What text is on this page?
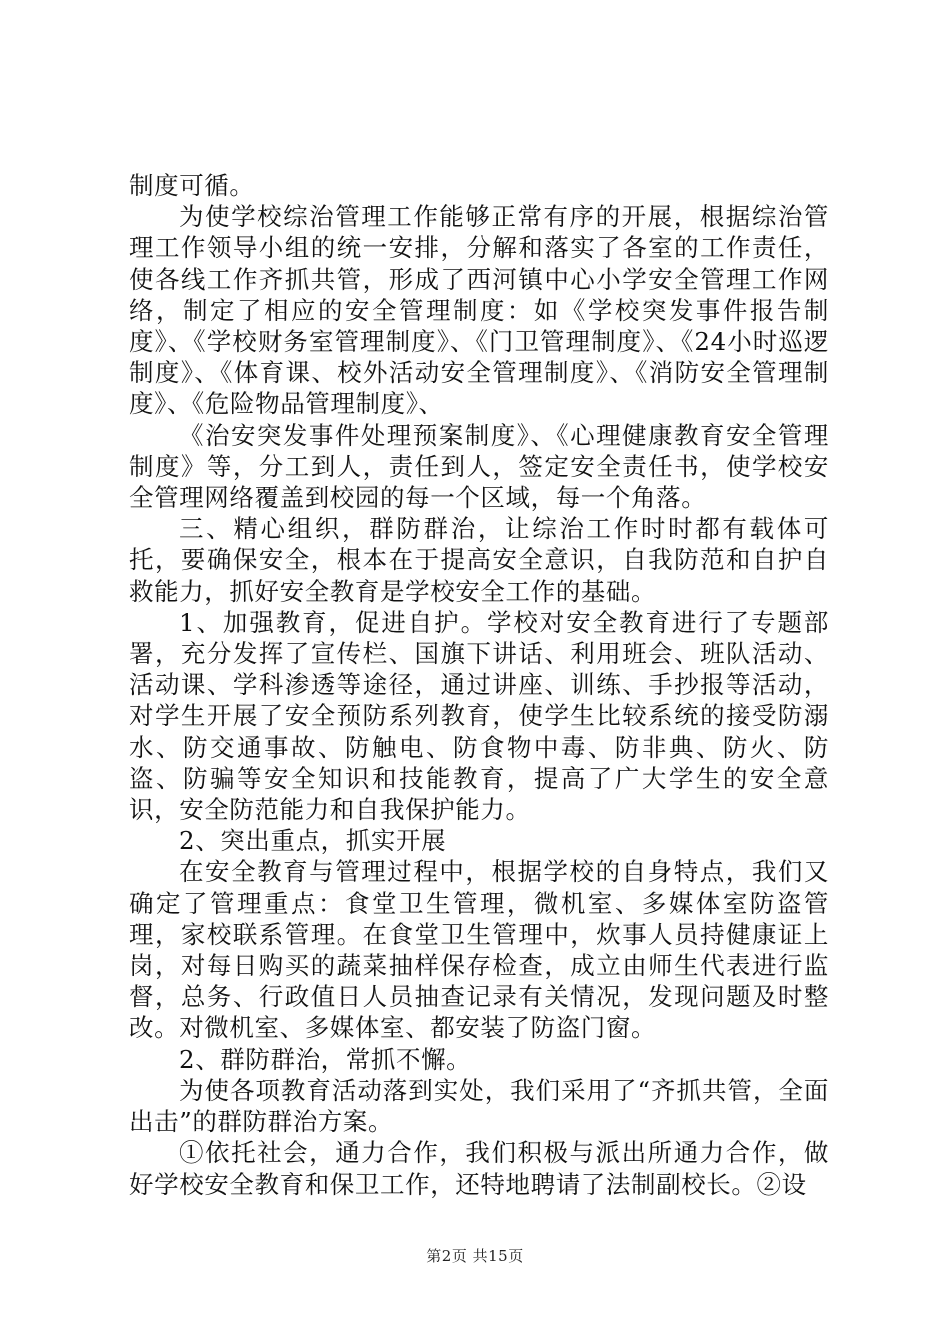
制度可循。

为使学校综治管理工作能够正常有序的开展，根据综治管理工作领导小组的统一安排，分解和落实了各室的工作责任，使各线工作齐抓共管，形成了西河镇中心小学安全管理工作网络，制定了相应的安全管理制度：如《学校突发事件报告制度》、《学校财务室管理制度》、《门卫管理制度》、《24小时巡逻制度》、《体育课、校外活动安全管理制度》、《消防安全管理制度》、《危险物品管理制度》、

《治安突发事件处理预案制度》、《心理健康教育安全管理制度》等，分工到人，责任到人，签定安全责任书，使学校安全管理网络覆盖到校园的每一个区域，每一个角落。

三、精心组织，群防群治，让综治工作时时都有载体可托，要确保安全，根本在于提高安全意识，自我防范和自护自救能力，抓好安全教育是学校安全工作的基础。

1、加强教育，促进自护。学校对安全教育进行了专题部署，充分发挥了宣传栏、国旗下讲话、利用班会、班队活动、活动课、学科渗透等途径，通过讲座、训练、手抄报等活动，对学生开展了安全预防系列教育，使学生比较系统的接受防溺水、防交通事故、防触电、防食物中毒、防非典、防火、防盗、防骗等安全知识和技能教育，提高了广大学生的安全意识，安全防范能力和自我保护能力。

2、突出重点，抓实开展

在安全教育与管理过程中，根据学校的自身特点，我们又确定了管理重点：食堂卫生管理，微机室、多媒体室防盗管理，家校联系管理。在食堂卫生管理中，炊事人员持健康证上岗，对每日购买的蔬菜抽样保存检查，成立由师生代表进行监督，总务、行政值日人员抽查记录有关情况，发现问题及时整改。对微机室、多媒体室、都安装了防盗门窗。

2、群防群治，常抓不懈。

为使各项教育活动落到实处，我们采用了“齐抓共管，全面出击”的群防群治方案。

①依托社会，通力合作，我们积极与派出所通力合作，做好学校安全教育和保卫工作，还特地聘请了法制副校长。②设

第2页 共15页
